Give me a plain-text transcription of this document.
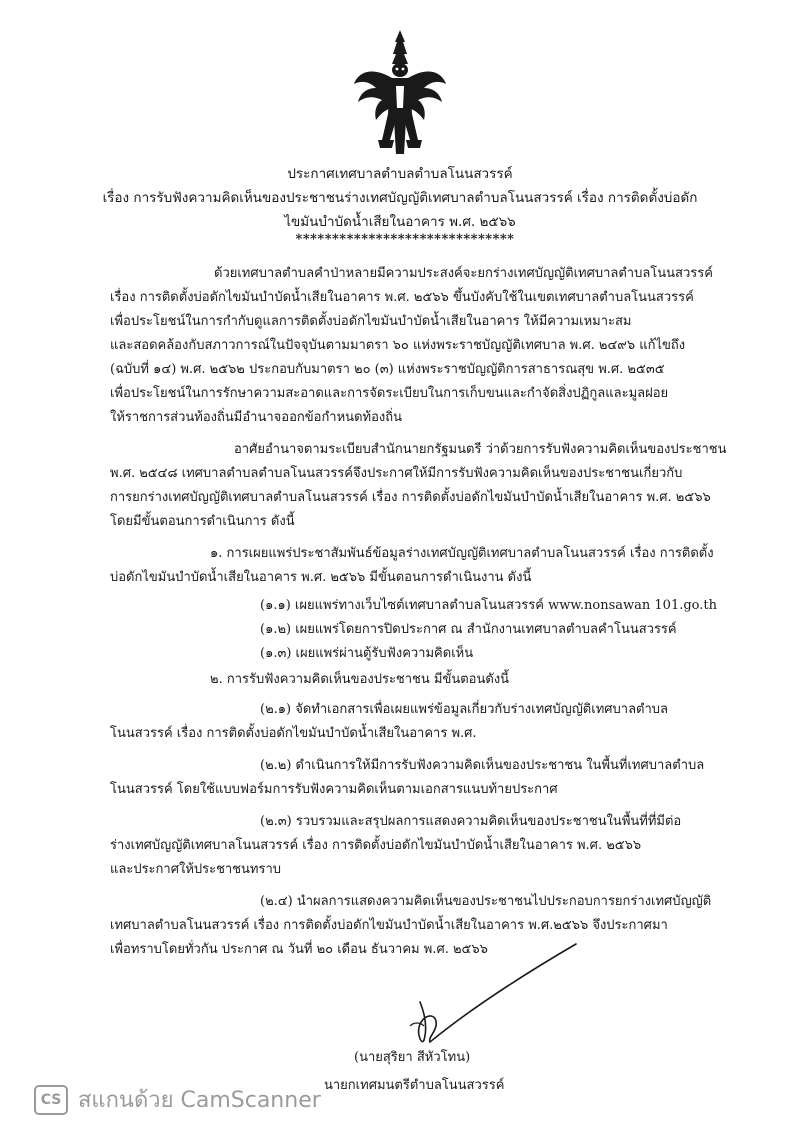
ประกาศเทศบาลตำบลตำบลโนนสวรรค์
เรื่อง การรับฟังความคิดเห็นของประชาชนร่างเทศบัญญัติเทศบาลตำบลโนนสวรรค์ เรื่อง การติดตั้งบ่อดัก
ไขมันบำบัดน้ำเสียในอาคาร พ.ศ. ๒๕๖๖
******************************
ด้วยเทศบาลตำบลคำป่าหลายมีความประสงค์จะยกร่างเทศบัญญัติเทศบาลตำบลโนนสวรรค์
เรื่อง การติดตั้งบ่อดักไขมันบำบัดน้ำเสียในอาคาร พ.ศ. ๒๕๖๖ ขึ้นบังคับใช้ในเขตเทศบาลตำบลโนนสวรรค์
เพื่อประโยชน์ในการกำกับดูแลการติดตั้งบ่อดักไขมันบำบัดน้ำเสียในอาคาร ให้มีความเหมาะสม
และสอดคล้องกับสภาวการณ์ในปัจจุบันตามมาตรา ๖๐ แห่งพระราชบัญญัติเทศบาล พ.ศ. ๒๔๙๖ แก้ไขถึง
(ฉบับที่ ๑๔) พ.ศ. ๒๕๖๒ ประกอบกับมาตรา ๒๐ (๓) แห่งพระราชบัญญัติการสาธารณสุข พ.ศ. ๒๕๓๕
เพื่อประโยชน์ในการรักษาความสะอาดและการจัดระเบียบในการเก็บขนและกำจัดสิ่งปฏิกูลและมูลฝอย
ให้ราชการส่วนท้องถิ่นมีอำนาจออกข้อกำหนดท้องถิ่น
อาศัยอำนาจตามระเบียบสำนักนายกรัฐมนตรี ว่าด้วยการรับฟังความคิดเห็นของประชาชน
พ.ศ. ๒๕๔๘ เทศบาลตำบลตำบลโนนสวรรค์จึงประกาศให้มีการรับฟังความคิดเห็นของประชาชนเกี่ยวกับ
การยกร่างเทศบัญญัติเทศบาลตำบลโนนสวรรค์ เรื่อง การติดตั้งบ่อดักไขมันบำบัดน้ำเสียในอาคาร พ.ศ. ๒๕๖๖
โดยมีขั้นตอนการดำเนินการ ดังนี้
๑. การเผยแพร่ประชาสัมพันธ์ข้อมูลร่างเทศบัญญัติเทศบาลตำบลโนนสวรรค์ เรื่อง การติดตั้ง
บ่อดักไขมันบำบัดน้ำเสียในอาคาร พ.ศ. ๒๕๖๖ มีขั้นตอนการดำเนินงาน ดังนี้
(๑.๑) เผยแพร่ทางเว็บไซต์เทศบาลตำบลโนนสวรรค์ www.nonsawan 101.go.th
(๑.๒) เผยแพร่โดยการปิดประกาศ ณ สำนักงานเทศบาลตำบลคำโนนสวรรค์
(๑.๓) เผยแพร่ผ่านตู้รับฟังความคิดเห็น
๒. การรับฟังความคิดเห็นของประชาชน มีขั้นตอนดังนี้
(๒.๑) จัดทำเอกสารเพื่อเผยแพร่ข้อมูลเกี่ยวกับร่างเทศบัญญัติเทศบาลตำบล
โนนสวรรค์ เรื่อง การติดตั้งบ่อดักไขมันบำบัดน้ำเสียในอาคาร พ.ศ.
(๒.๒) ดำเนินการให้มีการรับฟังความคิดเห็นของประชาชน ในพื้นที่เทศบาลตำบล
โนนสวรรค์ โดยใช้แบบฟอร์มการรับฟังความคิดเห็นตามเอกสารแนบท้ายประกาศ
(๒.๓) รวบรวมและสรุปผลการแสดงความคิดเห็นของประชาชนในพื้นที่ที่มีต่อ
ร่างเทศบัญญัติเทศบาลโนนสวรรค์ เรื่อง การติดตั้งบ่อดักไขมันบำบัดน้ำเสียในอาคาร พ.ศ. ๒๕๖๖
และประกาศให้ประชาชนทราบ
(๒.๔) นำผลการแสดงความคิดเห็นของประชาชนไปประกอบการยกร่างเทศบัญญัติ
เทศบาลตำบลโนนสวรรค์ เรื่อง การติดตั้งบ่อดักไขมันบำบัดน้ำเสียในอาคาร พ.ศ.๒๕๖๖ จึงประกาศมา
เพื่อทราบโดยทั่วกัน ประกาศ ณ วันที่ ๒๐ เดือน ธันวาคม พ.ศ. ๒๕๖๖
(นายสุริยา สีหัวโทน)
นายกเทศมนตรีตำบลโนนสวรรค์
CS สแกนด้วย CamScanner
